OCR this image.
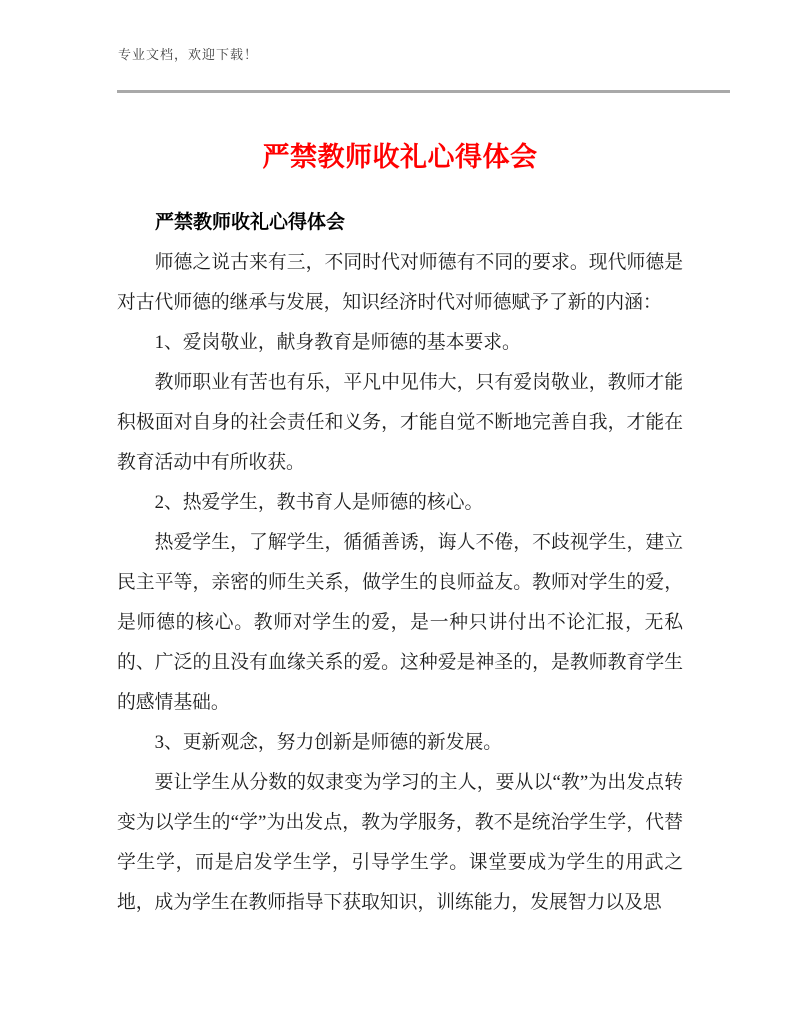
专业文档，欢迎下载！
严禁教师收礼心得体会
严禁教师收礼心得体会

师德之说古来有三，不同时代对师德有不同的要求。现代师德是对古代师德的继承与发展，知识经济时代对师德赋予了新的内涵：

1、爱岗敬业，献身教育是师德的基本要求。

教师职业有苦也有乐，平凡中见伟大，只有爱岗敬业，教师才能积极面对自身的社会责任和义务，才能自觉不断地完善自我，才能在教育活动中有所收获。

2、热爱学生，教书育人是师德的核心。

热爱学生，了解学生，循循善诱，诲人不倦，不歧视学生，建立民主平等，亲密的师生关系，做学生的良师益友。教师对学生的爱，是师德的核心。教师对学生的爱，是一种只讲付出不论汇报，无私的、广泛的且没有血缘关系的爱。这种爱是神圣的，是教师教育学生的感情基础。

3、更新观念，努力创新是师德的新发展。

要让学生从分数的奴隶变为学习的主人，要从以“教”为出发点转变为以学生的“学”为出发点，教为学服务，教不是统治学生学，代替学生学，而是启发学生学，引导学生学。课堂要成为学生的用武之地，成为学生在教师指导下获取知识，训练能力，发展智力以及思
